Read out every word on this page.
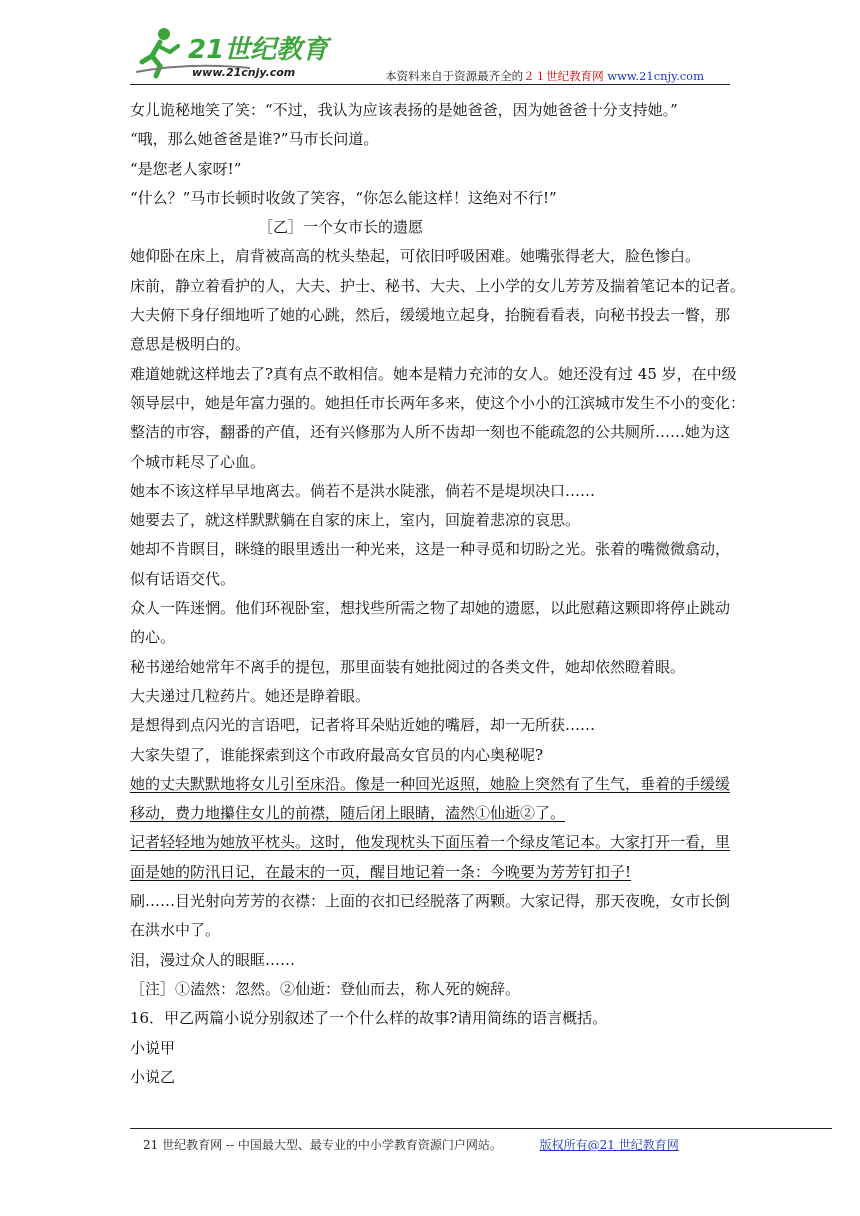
21世纪教育
www.21cnjy.com	本资料来自于资源最齐全的２１世纪教育网 www.21cnjy.com

女儿诡秘地笑了笑：“不过，我认为应该表扬的是她爸爸，因为她爸爸十分支持她。”

“哦，那么她爸爸是谁?”马市长问道。

“是您老人家呀!”

“什么？”马市长顿时收敛了笑容，“你怎么能这样！这绝对不行!”

［乙］一个女市长的遗愿

她仰卧在床上，肩背被高高的枕头垫起，可依旧呼吸困难。她嘴张得老大，脸色惨白。

床前，静立着看护的人，大夫、护士、秘书、大夫、上小学的女儿芳芳及揣着笔记本的记者。

大夫俯下身仔细地听了她的心跳，然后，缓缓地立起身，抬腕看看表，向秘书投去一瞥，那

意思是极明白的。

难道她就这样地去了?真有点不敢相信。她本是精力充沛的女人。她还没有过 45 岁，在中级

领导层中，她是年富力强的。她担任市长两年多来，使这个小小的江滨城市发生不小的变化：

整洁的市容，翻番的产值，还有兴修那为人所不齿却一刻也不能疏忽的公共厕所……她为这

个城市耗尽了心血。

她本不该这样早早地离去。倘若不是洪水陡涨，倘若不是堤坝决口……

她要去了，就这样默默躺在自家的床上，室内，回旋着悲凉的哀思。

她却不肯瞑目，眯缝的眼里透出一种光来，这是一种寻觅和切盼之光。张着的嘴微微翕动，

似有话语交代。

众人一阵迷惘。他们环视卧室，想找些所需之物了却她的遗愿，以此慰藉这颗即将停止跳动

的心。

秘书递给她常年不离手的提包，那里面装有她批阅过的各类文件，她却依然瞪着眼。

大夫递过几粒药片。她还是睁着眼。

是想得到点闪光的言语吧，记者将耳朵贴近她的嘴唇，却一无所获……

大家失望了，谁能探索到这个市政府最高女官员的内心奥秘呢?

她的丈夫默默地将女儿引至床沿。像是一种回光返照，她脸上突然有了生气，垂着的手缓缓

移动，费力地攥住女儿的前襟，随后闭上眼睛，溘然①仙逝②了。

记者轻轻地为她放平枕头。这时，他发现枕头下面压着一个绿皮笔记本。大家打开一看，里

面是她的防汛日记，在最末的一页，醒目地记着一条：今晚要为芳芳钉扣子!

刷……目光射向芳芳的衣襟：上面的衣扣已经脱落了两颗。大家记得，那天夜晚，女市长倒

在洪水中了。

泪，漫过众人的眼眶……

［注］①溘然：忽然。②仙逝：登仙而去，称人死的婉辞。

16．甲乙两篇小说分别叙述了一个什么样的故事?请用简练的语言概括。

小说甲

小说乙

21 世纪教育网 -- 中国最大型、最专业的中小学教育资源门户网站。	版权所有@21 世纪教育网
